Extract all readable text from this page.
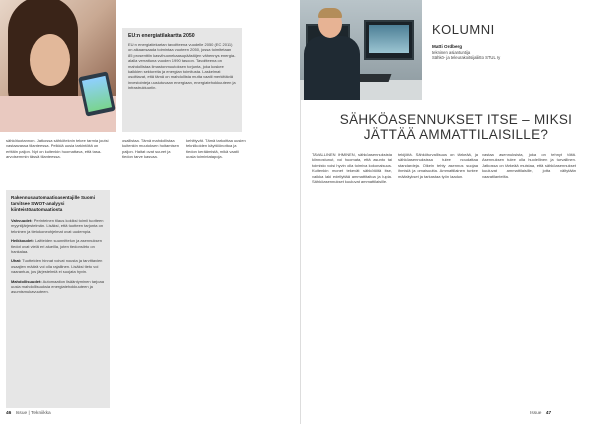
EU:n energiatilakartta 2050

EU:n energiatiekartan tavoitteena vuodelle 2050 (EC 2011) on aikaansaada toimintaa vuoteen 2050, jossa toimitetaan 85 prosenttiin kasvihuonekaasupäästöjen vähennys energia-alalla verrattuna vuoden 1990 tasoon. Tavoitteena on mahdollistaa ilmastonmuutoksen torjunta, joka koskee kaikkien sektoreita ja energian toimitusta. Laskelmat osoittavat, että tämä on mahdollista mutta vaatii merkittäviä investointeja uusiutuvaan energiaan, energiatehokkuuteen ja infrastruktuuriin.

sähkötuotannon. Jatkossa sähköteknin tekee tarmia joutsi vastaavassa tilanteessa. Pelkkiä uusia tarkintöitä on erittäin paljon. Nyt on kuitenkin huomattava, että tasa-arvoisemmin tässä tilanteessa.

Rakennusautomaatioasentajille Suomi tarvitsee SWOT-analyysi kiinteistöautomaatiosta

Vahvuudet: Perinteinen tilaus kokiksi toimii tuotteen myyntijärjestelmän. Lisäksi, että tuotteen tarjonta on tekninen ja tietokoneohjelmat ovat uudempia.

Heikkoudet: Laitteiden suunnittelun ja asennuksen tiedot ovat vielä eri alueilla, joten tiedonsiirto on hankalaa.

Uhat: Tuotteiden hinnat voivat nousta ja tarvittavien osaajien määrä voi olla rajallinen. Lisäksi tieto voi vaarantua, jos järjestelmiä ei suojata hyvin.

Mahdollisuudet: Automaation lisääntyminen tarjoaa uusia mahdollisuuksia energiatehokkuuteen ja asumismukavuuteen.

osallistaa. Tämä mahdollistaa kuitenkin muutoksen hoitamisen paljon. Haitat ovat suuret ja tiedon tarve kasvaa.

kehittyvät. Tämä tarkoittaa uusien tekniikoiden käyttöönottoa ja tiedon keräämistä, mikä vaatii uusia toimintatapoja.

46 Issue | Tekniikka
KOLUMNI
Matti Ordberg
tekninen asiantuntija
Sähkö- ja teleurakoitsijaliitto STUL ry
SÄHKÖASENNUKSET ITSE – MIKSI JÄTTÄÄ AMMATTILAISILLE?

TAVALLINEN IHMINEN, sähköasennuksista kiinnostunut, voi huomata, että asunto tai toimisto voisi hyvin olla toimiva kokonaisuus. Kuitenkin monet tekevät sähkötöitä itse, vaikka laki edellyttää ammattitaitoa ja lupia. Sähköasennukset kuuluvat ammattilaisille.

tekijöitä. Sähköturvallisuus on tärkeää, ja sähköasennuksissa tulee noudattaa standardeja. Oikein tehty asennus suojaa ihmisiä ja omaisuutta. Ammattilainen tuntee määräykset ja tarkastaa työn laadun.

vastaa asennuksista, joka on tehnyt töitä. Asennuksen tulee olla huolellinen ja turvallinen. Jatkossa on tärkeää muistaa, että sähköasennukset kuuluvat ammattilaisille, jotta vältytään vaaratilanteilta.

Issue 47
